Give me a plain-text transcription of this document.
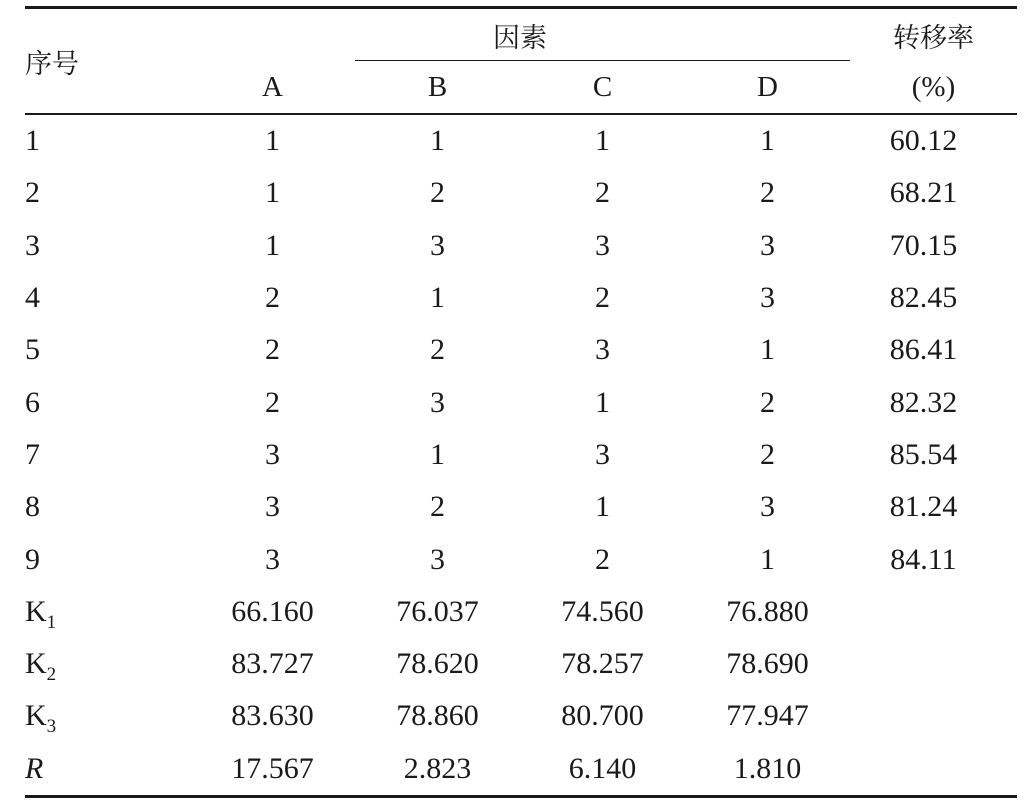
序号	因素				转移率
	A	B	C	D	(%)
1	1	1	1	1	60.12
2	1	2	2	2	68.21
3	1	3	3	3	70.15
4	2	1	2	3	82.45
5	2	2	3	1	86.41
6	2	3	1	2	82.32
7	3	1	3	2	85.54
8	3	2	1	3	81.24
9	3	3	2	1	84.11
$K_1$	66.160	76.037	74.560	76.880	
$K_2$	83.727	78.620	78.257	78.690	
$K_3$	83.630	78.860	80.700	77.947	
R	17.567	2.823	6.140	1.810	
